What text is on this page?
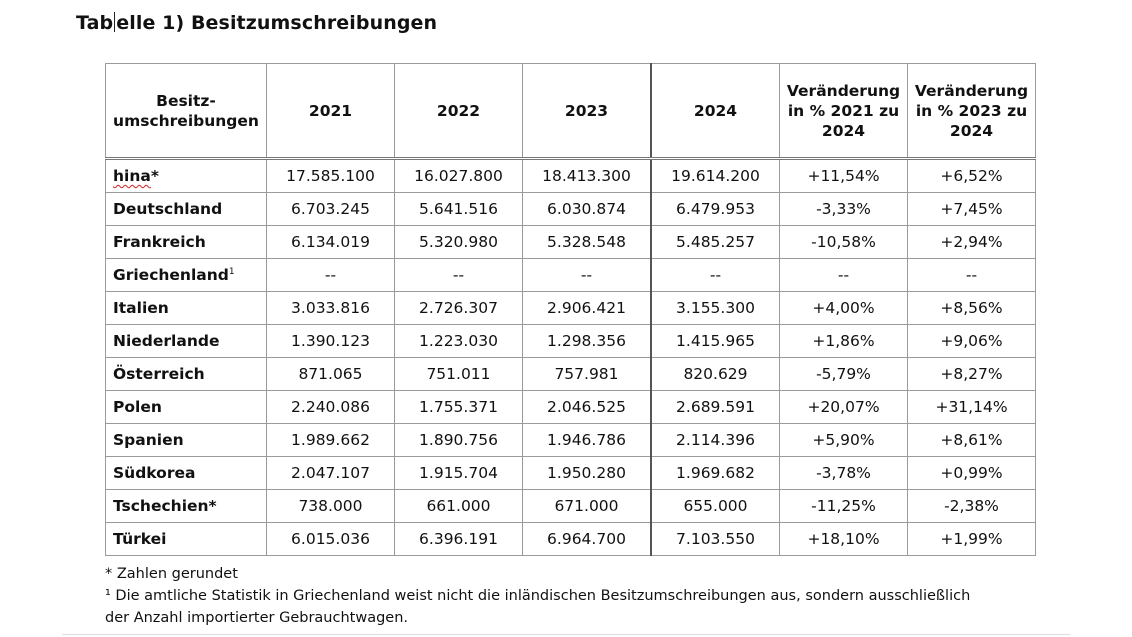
Tab elle 1) Besitzumschreibungen
Besitz-
umschreibungen	2021	2022	2023	2024	Veränderung in % 2021 zu 2024	Veränderung in % 2023 zu 2024
hina*	17.585.100	16.027.800	18.413.300	19.614.200	+11,54%	+6,52%
Deutschland	6.703.245	5.641.516	6.030.874	6.479.953	-3,33%	+7,45%
Frankreich	6.134.019	5.320.980	5.328.548	5.485.257	-10,58%	+2,94%
Griechenland$^1$	--	--	--	--	--	--
Italien	3.033.816	2.726.307	2.906.421	3.155.300	+4,00%	+8,56%
Niederlande	1.390.123	1.223.030	1.298.356	1.415.965	+1,86%	+9,06%
Österreich	871.065	751.011	757.981	820.629	-5,79%	+8,27%
Polen	2.240.086	1.755.371	2.046.525	2.689.591	+20,07%	+31,14%
Spanien	1.989.662	1.890.756	1.946.786	2.114.396	+5,90%	+8,61%
Südkorea	2.047.107	1.915.704	1.950.280	1.969.682	-3,78%	+0,99%
Tschechien*	738.000	661.000	671.000	655.000	-11,25%	-2,38%
Türkei	6.015.036	6.396.191	6.964.700	7.103.550	+18,10%	+1,99%
* Zahlen gerundet
¹ Die amtliche Statistik in Griechenland weist nicht die inländischen Besitzumschreibungen aus, sondern ausschließlich
der Anzahl importierter Gebrauchtwagen.
